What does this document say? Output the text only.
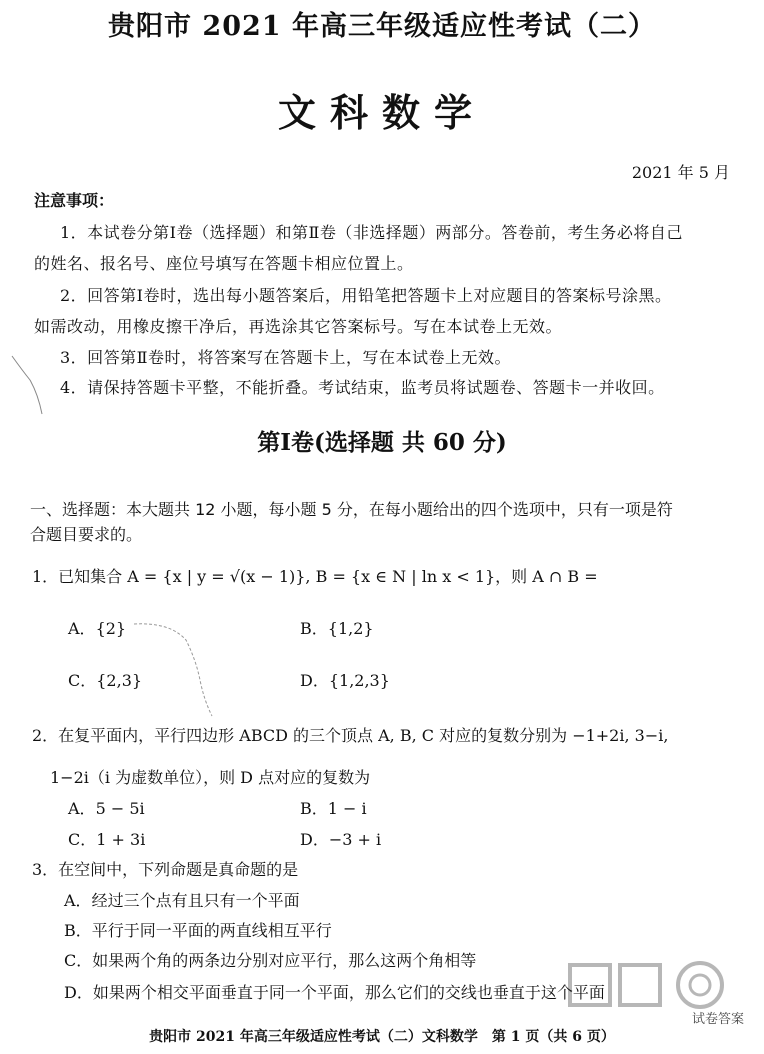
贵阳市 2021 年高三年级适应性考试（二）
文科数学
2021 年 5 月
注意事项：
1．本试卷分第Ⅰ卷（选择题）和第Ⅱ卷（非选择题）两部分。答卷前，考生务必将自己
的姓名、报名号、座位号填写在答题卡相应位置上。
2．回答第Ⅰ卷时，选出每小题答案后，用铅笔把答题卡上对应题目的答案标号涂黑。
如需改动，用橡皮擦干净后，再选涂其它答案标号。写在本试卷上无效。
3．回答第Ⅱ卷时，将答案写在答题卡上，写在本试卷上无效。
4．请保持答题卡平整，不能折叠。考试结束，监考员将试题卷、答题卡一并收回。
第Ⅰ卷(选择题 共 60 分)
一、选择题：本大题共 12 小题，每小题 5 分，在每小题给出的四个选项中，只有一项是符
合题目要求的。
1．已知集合 A = {x | y = √(x − 1)}, B = {x ∈ N | ln x < 1}，则 A ∩ B =
A．{2}	B．{1,2}
C．{2,3}	D．{1,2,3}
2．在复平面内，平行四边形 ABCD 的三个顶点 A, B, C 对应的复数分别为 −1+2i, 3−i,
1−2i（i 为虚数单位），则 D 点对应的复数为
A．5 − 5i	B．1 − i
C．1 + 3i	D．−3 + i
3．在空间中，下列命题是真命题的是
A．经过三个点有且只有一个平面
B．平行于同一平面的两直线相互平行
C．如果两个角的两条边分别对应平行，那么这两个角相等
D．如果两个相交平面垂直于同一个平面，那么它们的交线也垂直于这个平面
试卷答案
贵阳市 2021 年高三年级适应性考试（二）文科数学　第 1 页（共 6 页）
